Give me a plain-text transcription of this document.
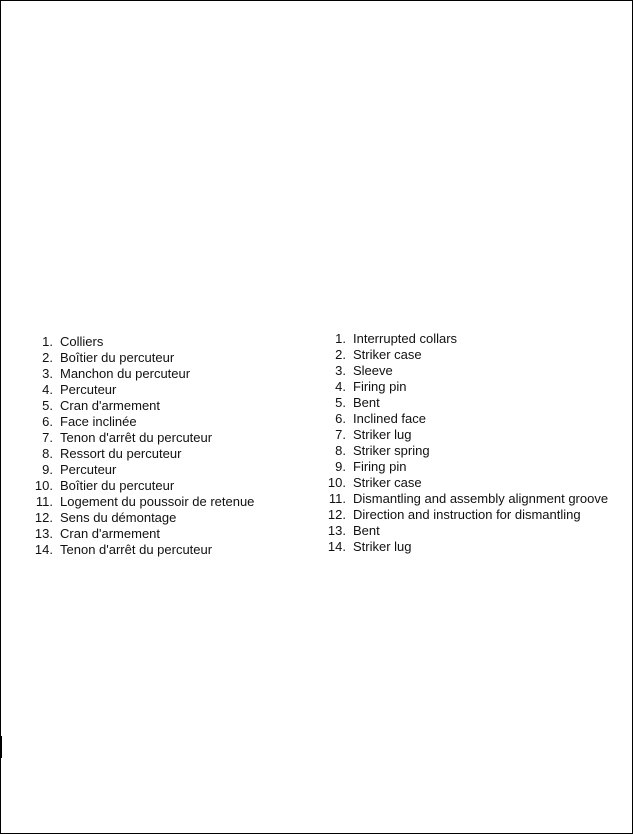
1. Colliers
2. Boîtier du percuteur
3. Manchon du percuteur
4. Percuteur
5. Cran d'armement
6. Face inclinée
7. Tenon d'arrêt du percuteur
8. Ressort du percuteur
9. Percuteur
10. Boîtier du percuteur
11. Logement du poussoir de retenue
12. Sens du démontage
13. Cran d'armement
14. Tenon d'arrêt du percuteur
1. Interrupted collars
2. Striker case
3. Sleeve
4. Firing pin
5. Bent
6. Inclined face
7. Striker lug
8. Striker spring
9. Firing pin
10. Striker case
11. Dismantling and assembly alignment groove
12. Direction and instruction for dismantling
13. Bent
14. Striker lug
